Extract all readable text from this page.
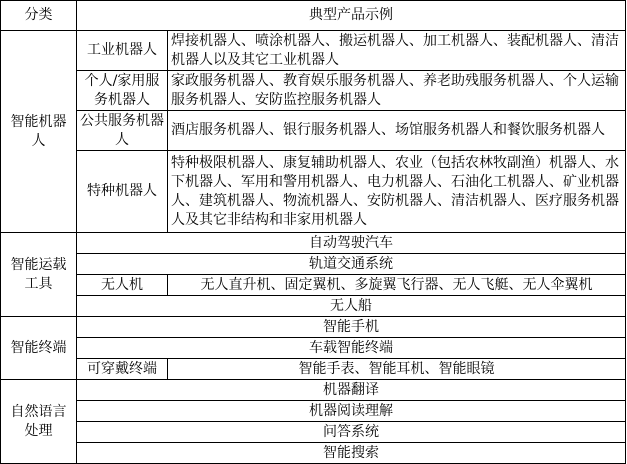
分类	典型产品示例	
智能机器人	工业机器人	焊接机器人、喷涂机器人、搬运机器人、加工机器人、装配机器人、清洁机器人以及其它工业机器人
	个人/家用服务机器人	家政服务机器人、教育娱乐服务机器人、养老助残服务机器人、个人运输服务机器人、安防监控服务机器人
	公共服务机器人	酒店服务机器人、银行服务机器人、场馆服务机器人和餐饮服务机器人
	特种机器人	特种极限机器人、康复辅助机器人、农业（包括农林牧副渔）机器人、水下机器人、军用和警用机器人、电力机器人、石油化工机器人、矿业机器人、建筑机器人、物流机器人、安防机器人、清洁机器人、医疗服务机器人及其它非结构和非家用机器人
智能运载工具	自动驾驶汽车	
	轨道交通系统	
	无人机	无人直升机、固定翼机、多旋翼飞行器、无人飞艇、无人伞翼机
	无人船	
智能终端	智能手机	
	车载智能终端	
	可穿戴终端	智能手表、智能耳机、智能眼镜
自然语言处理	机器翻译	
	机器阅读理解	
	问答系统	
	智能搜索	
